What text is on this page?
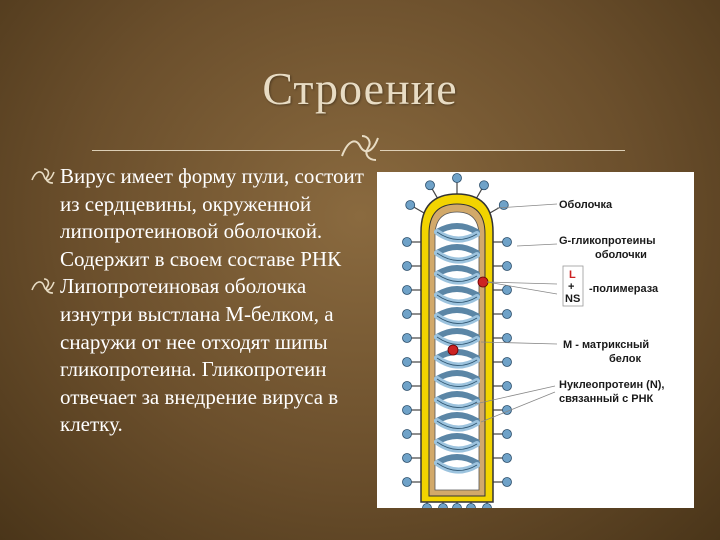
Строение
Вирус имеет форму пули, состоит из сердцевины, окруженной липопротеиновой оболочкой. Содержит в своем составе РНК
Липопротеиновая оболочка изнутри выстлана М-белком, а снаружи от нее отходят шипы гликопротеина. Гликопротеин отвечает за внедрение вируса в клетку.
Оболочка
G-гликопротеины
оболочки
L
+
NS
-полимераза
М - матриксный
белок
Нуклеопротеин (N),
связанный с РНК
